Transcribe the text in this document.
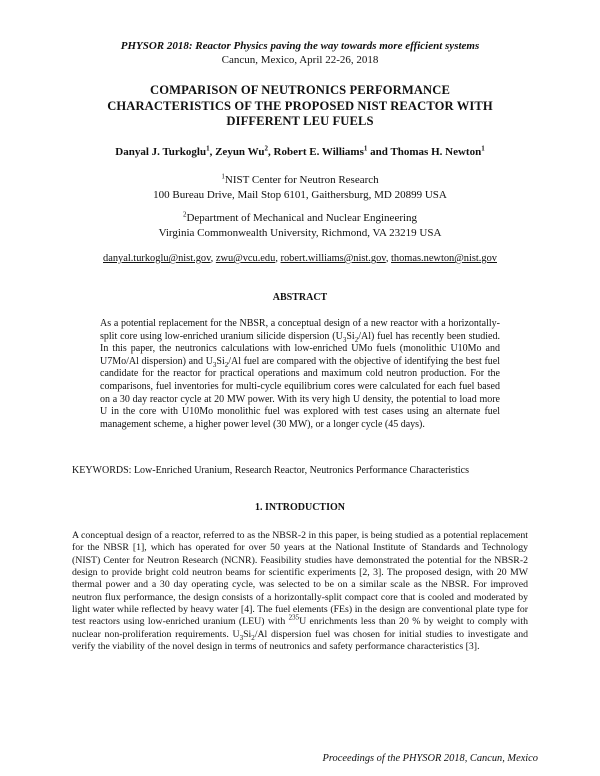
PHYSOR 2018: Reactor Physics paving the way towards more efficient systems
Cancun, Mexico, April 22-26, 2018
COMPARISON OF NEUTRONICS PERFORMANCE
CHARACTERISTICS OF THE PROPOSED NIST REACTOR WITH
DIFFERENT LEU FUELS
Danyal J. Turkoglu$^1$, Zeyun Wu$^2$, Robert E. Williams$^1$ and Thomas H. Newton$^1$
$^1$NIST Center for Neutron Research
100 Bureau Drive, Mail Stop 6101, Gaithersburg, MD 20899 USA
$^2$Department of Mechanical and Nuclear Engineering
Virginia Commonwealth University, Richmond, VA 23219 USA
danyal.turkoglu@nist.gov, zwu@vcu.edu, robert.williams@nist.gov, thomas.newton@nist.gov
ABSTRACT

As a potential replacement for the NBSR, a conceptual design of a new reactor with a horizontally-split core using low-enriched uranium silicide dispersion $(U_3Si_2/Al)$ fuel has recently been studied. In this paper, the neutronics calculations with low-enriched UMo fuels (monolithic U10Mo and U7Mo/Al dispersion) and $U_3Si_2/Al$ fuel are compared with the objective of identifying the best fuel candidate for the reactor for practical operations and maximum cold neutron production. For the comparisons, fuel inventories for multi-cycle equilibrium cores were calculated for each fuel based on a 30 day reactor cycle at 20 MW power. With its very high U density, the potential to load more U in the core with U10Mo monolithic fuel was explored with test cases using an alternate fuel management scheme, a higher power level (30 MW), or a longer cycle (45 days).

KEYWORDS: Low-Enriched Uranium, Research Reactor, Neutronics Performance Characteristics
1. INTRODUCTION

A conceptual design of a reactor, referred to as the NBSR-2 in this paper, is being studied as a potential replacement for the NBSR [1], which has operated for over 50 years at the National Institute of Standards and Technology (NIST) Center for Neutron Research (NCNR). Feasibility studies have demonstrated the potential for the NBSR-2 design to provide bright cold neutron beams for scientific experiments [2, 3]. The proposed design, with 20 MW thermal power and a 30 day operating cycle, was selected to be on a similar scale as the NBSR. For improved neutron flux performance, the design consists of a horizontally-split compact core that is cooled and moderated by light water while reflected by heavy water [4]. The fuel elements (FEs) in the design are conventional plate type for test reactors using low-enriched uranium (LEU) with $^{235}$U enrichments less than 20 % by weight to comply with nuclear non-proliferation requirements. $U_3Si_2/Al$ dispersion fuel was chosen for initial studies to investigate and verify the viability of the novel design in terms of neutronics and safety performance characteristics [3].

Proceedings of the PHYSOR 2018, Cancun, Mexico
